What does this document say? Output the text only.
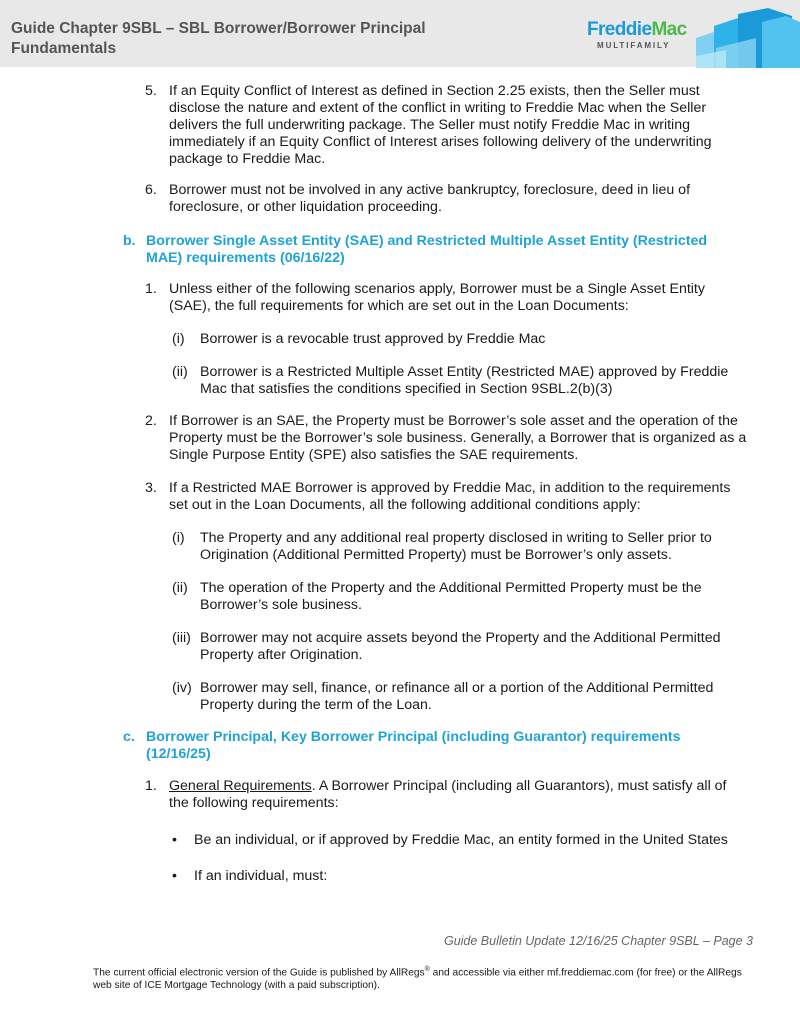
Guide Chapter 9SBL – SBL Borrower/Borrower Principal Fundamentals
FreddieMac
MULTIFAMILY
5. If an Equity Conflict of Interest as defined in Section 2.25 exists, then the Seller must disclose the nature and extent of the conflict in writing to Freddie Mac when the Seller delivers the full underwriting package. The Seller must notify Freddie Mac in writing immediately if an Equity Conflict of Interest arises following delivery of the underwriting package to Freddie Mac.
6. Borrower must not be involved in any active bankruptcy, foreclosure, deed in lieu of foreclosure, or other liquidation proceeding.
b. Borrower Single Asset Entity (SAE) and Restricted Multiple Asset Entity (Restricted MAE) requirements (06/16/22)
1. Unless either of the following scenarios apply, Borrower must be a Single Asset Entity (SAE), the full requirements for which are set out in the Loan Documents:
(i) Borrower is a revocable trust approved by Freddie Mac
(ii) Borrower is a Restricted Multiple Asset Entity (Restricted MAE) approved by Freddie Mac that satisfies the conditions specified in Section 9SBL.2(b)(3)
2. If Borrower is an SAE, the Property must be Borrower’s sole asset and the operation of the Property must be the Borrower’s sole business. Generally, a Borrower that is organized as a Single Purpose Entity (SPE) also satisfies the SAE requirements.
3. If a Restricted MAE Borrower is approved by Freddie Mac, in addition to the requirements set out in the Loan Documents, all the following additional conditions apply:
(i) The Property and any additional real property disclosed in writing to Seller prior to Origination (Additional Permitted Property) must be Borrower’s only assets.
(ii) The operation of the Property and the Additional Permitted Property must be the Borrower’s sole business.
(iii) Borrower may not acquire assets beyond the Property and the Additional Permitted Property after Origination.
(iv) Borrower may sell, finance, or refinance all or a portion of the Additional Permitted Property during the term of the Loan.
c. Borrower Principal, Key Borrower Principal (including Guarantor) requirements (12/16/25)
1. General Requirements. A Borrower Principal (including all Guarantors), must satisfy all of the following requirements:
• Be an individual, or if approved by Freddie Mac, an entity formed in the United States
• If an individual, must:
Guide Bulletin Update 12/16/25 Chapter 9SBL – Page 3
The current official electronic version of the Guide is published by AllRegs® and accessible via either mf.freddiemac.com (for free) or the AllRegs web site of ICE Mortgage Technology (with a paid subscription).
